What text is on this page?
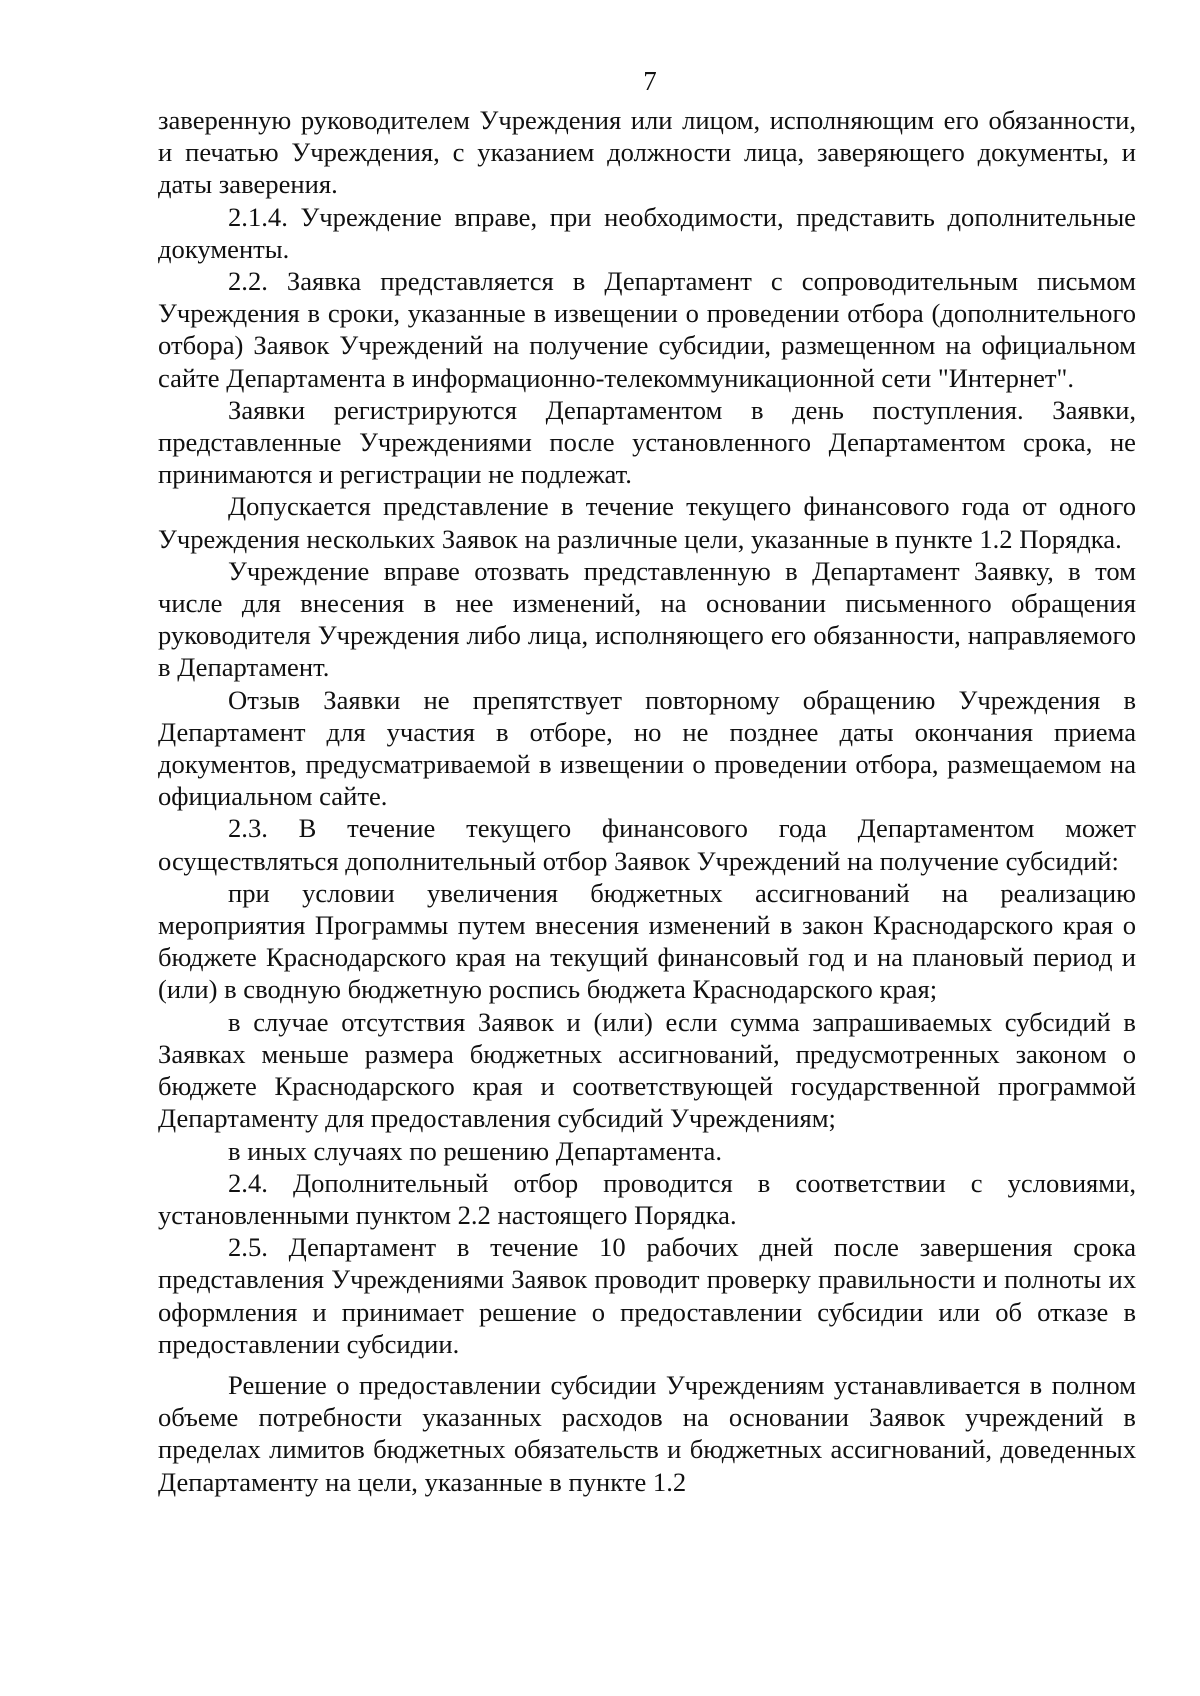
7

заверенную руководителем Учреждения или лицом, исполняющим его обязанности, и печатью Учреждения, с указанием должности лица, заверяющего документы, и даты заверения.

2.1.4. Учреждение вправе, при необходимости, представить дополнительные документы.

2.2. Заявка представляется в Департамент с сопроводительным письмом Учреждения в сроки, указанные в извещении о проведении отбора (дополнительного отбора) Заявок Учреждений на получение субсидии, размещенном на официальном сайте Департамента в информационно-телекоммуникационной сети "Интернет".

Заявки регистрируются Департаментом в день поступления. Заявки, представленные Учреждениями после установленного Департаментом срока, не принимаются и регистрации не подлежат.

Допускается представление в течение текущего финансового года от одного Учреждения нескольких Заявок на различные цели, указанные в пункте 1.2 Порядка.

Учреждение вправе отозвать представленную в Департамент Заявку, в том числе для внесения в нее изменений, на основании письменного обращения руководителя Учреждения либо лица, исполняющего его обязанности, направляемого в Департамент.

Отзыв Заявки не препятствует повторному обращению Учреждения в Департамент для участия в отборе, но не позднее даты окончания приема документов, предусматриваемой в извещении о проведении отбора, размещаемом на официальном сайте.

2.3. В течение текущего финансового года Департаментом может осуществляться дополнительный отбор Заявок Учреждений на получение субсидий:

при условии увеличения бюджетных ассигнований на реализацию мероприятия Программы путем внесения изменений в закон Краснодарского края о бюджете Краснодарского края на текущий финансовый год и на плановый период и (или) в сводную бюджетную роспись бюджета Краснодарского края;

в случае отсутствия Заявок и (или) если сумма запрашиваемых субсидий в Заявках меньше размера бюджетных ассигнований, предусмотренных законом о бюджете Краснодарского края и соответствующей государственной программой Департаменту для предоставления субсидий Учреждениям;

в иных случаях по решению Департамента.

2.4. Дополнительный отбор проводится в соответствии с условиями, установленными пунктом 2.2 настоящего Порядка.

2.5. Департамент в течение 10 рабочих дней после завершения срока представления Учреждениями Заявок проводит проверку правильности и полноты их оформления и принимает решение о предоставлении субсидии или об отказе в предоставлении субсидии.

Решение о предоставлении субсидии Учреждениям устанавливается в полном объеме потребности указанных расходов на основании Заявок учреждений в пределах лимитов бюджетных обязательств и бюджетных ассигнований, доведенных Департаменту на цели, указанные в пункте 1.2
